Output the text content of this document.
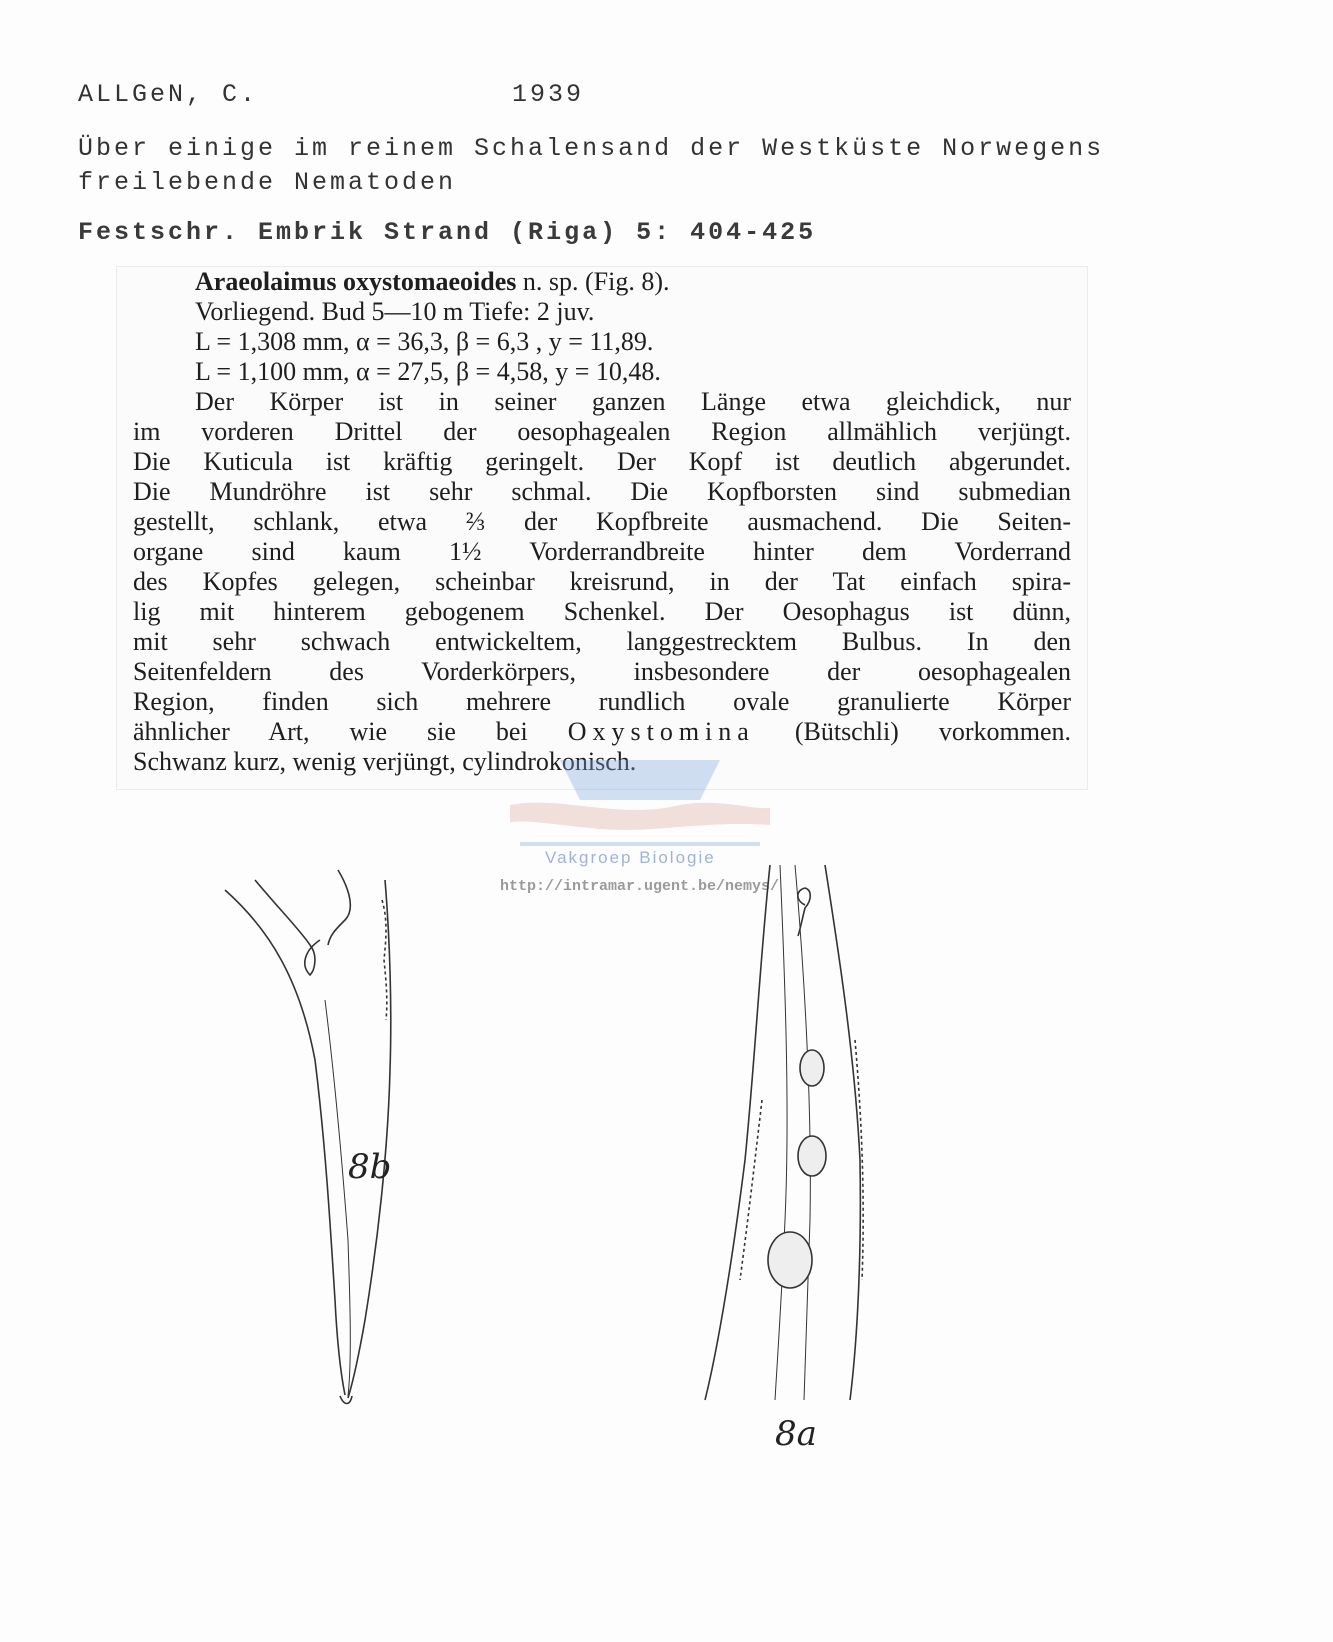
ALLGeN, C.	1939
Über einige im reinem Schalensand der Westküste Norwegens
freilebende Nematoden
Festschr. Embrik Strand (Riga) 5: 404-425
Araeolaimus oxystomaeoides n. sp. (Fig. 8).
Vorliegend. Bud 5—10 m Tiefe: 2 juv.
L = 1,308 mm, α = 36,3, β = 6,3 , y = 11,89.
L = 1,100 mm, α = 27,5, β = 4,58, y = 10,48.
Der Körper ist in seiner ganzen Länge etwa gleichdick, nur
im vorderen Drittel der oesophagealen Region allmählich verjüngt.
Die Kuticula ist kräftig geringelt. Der Kopf ist deutlich abgerundet.
Die Mundröhre ist sehr schmal. Die Kopfborsten sind submedian
gestellt, schlank, etwa ⅔ der Kopfbreite ausmachend. Die Seiten-
organe sind kaum 1½ Vorderrandbreite hinter dem Vorderrand
des Kopfes gelegen, scheinbar kreisrund, in der Tat einfach spira-
lig mit hinterem gebogenem Schenkel. Der Oesophagus ist dünn,
mit sehr schwach entwickeltem, langgestrecktem Bulbus. In den
Seitenfeldern des Vorderkörpers, insbesondere der oesophagealen
Region, finden sich mehrere rundlich ovale granulierte Körper
ähnlicher Art, wie sie bei Oxystomina (Bütschli) vorkommen.
Schwanz kurz, wenig verjüngt, cylindrokonisch.
Vakgroep Biologie
http://intramar.ugent.be/nemys/
8b
8a
